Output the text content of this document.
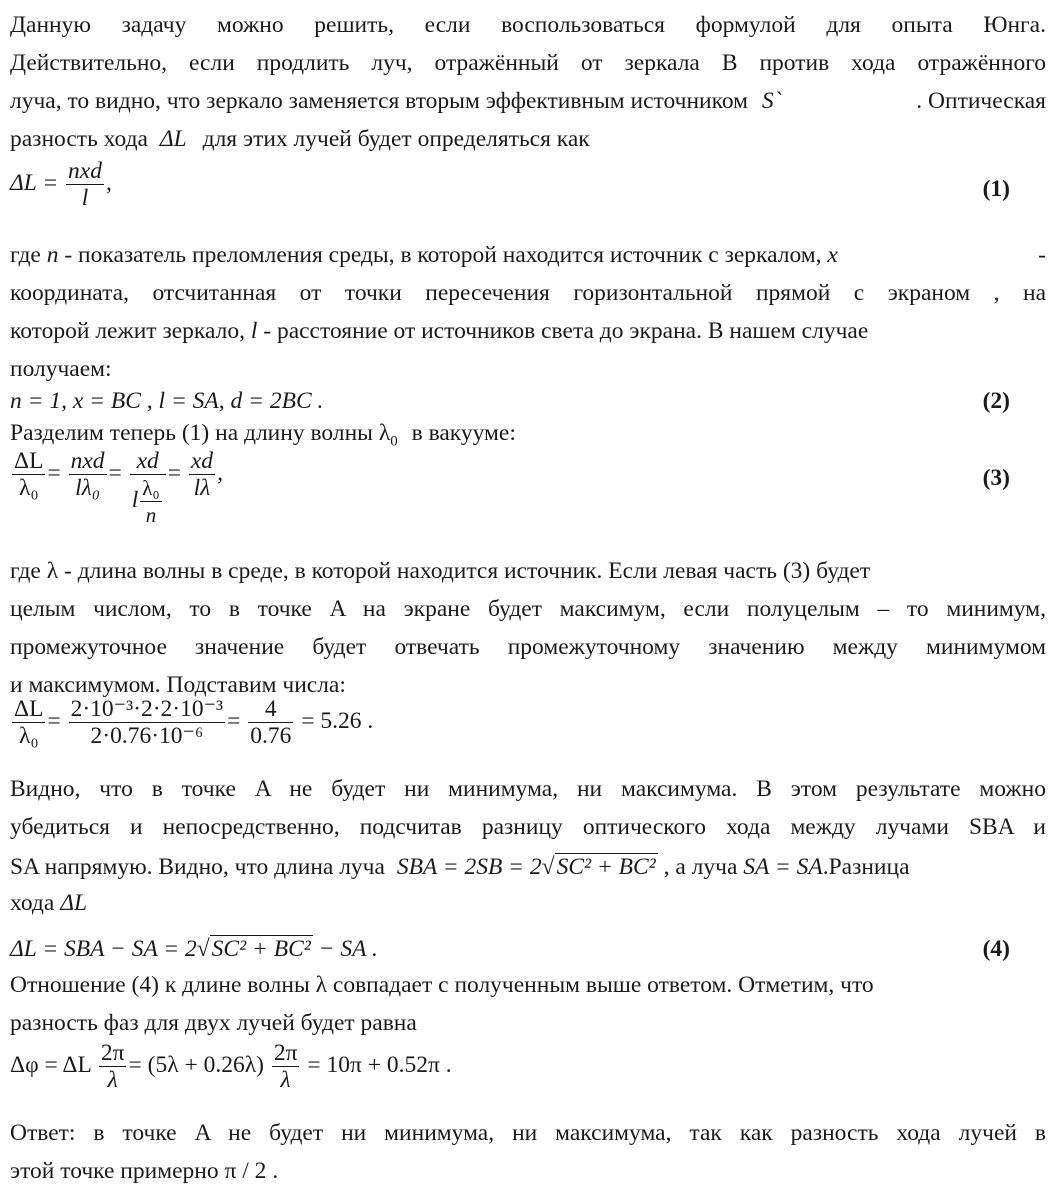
Данную задачу можно решить, если воспользоваться формулой для опыта Юнга.
Действительно, если продлить луч, отражённый от зеркала B против хода отражённого
луча, то видно, что зеркало заменяется вторым эффективным источником S`	. Оптическая
разность хода ΔL для этих лучей будет определяться как
$\Delta L = \frac{\text{nxd}}{l}$ ,	(1)
где n - показатель преломления среды, в которой находится источник с зеркалом, x	-
координата, отсчитанная от точки пересечения горизонтальной прямой с экраном , на
которой лежит зеркало, l - расстояние от источников света до экрана. В нашем случае
получаем:
n = 1, x = BC , l = SA, d = 2BC .	(2)
Разделим теперь (1) на длину волны $\lambda_0$ в вакууме:
$\frac{\Delta L}{\text{λ₀}} = \frac{\text{nxd}}{\text{lλ₀}} = \frac{xd}{l \frac{\text{λ₀}}{n}} = \frac{xd}{l\lambda}$ ,	(3)
где λ - длина волны в среде, в которой находится источник. Если левая часть (3) будет
целым числом, то в точке A на экране будет максимум, если полуцелым – то минимум,
промежуточное значение будет отвечать промежуточному значению между минимумом
и максимумом. Подставим числа:
$\frac{\Delta L}{\text{λ₀}} = \frac{\text{2·10⁻³·2·2·10⁻³}}{\text{2·0.76·10⁻⁶}} = \frac{4}{0.76} = 5.26$ .
Видно, что в точке A не будет ни минимума, ни максимума. В этом результате можно
убедиться и непосредственно, подсчитав разницу оптического хода между лучами SBA и
SA напрямую. Видно, что длина луча SBA = 2SB = 2√SC² + BC² , а луча SA = SA.Разница
хода ΔL
ΔL = SBA − SA = 2√SC² + BC² − SA .	(4)
Отношение (4) к длине волны λ совпадает с полученным выше ответом. Отметим, что
разность фаз для двух лучей будет равна
Δφ = ΔL $\frac{2\pi}{\lambda} = (5\lambda + 0.26\lambda) \frac{2\pi}{\lambda} = 10\pi + 0.52\pi$ .
Ответ: в точке A не будет ни минимума, ни максимума, так как разность хода лучей в
этой точке примерно π / 2 .
